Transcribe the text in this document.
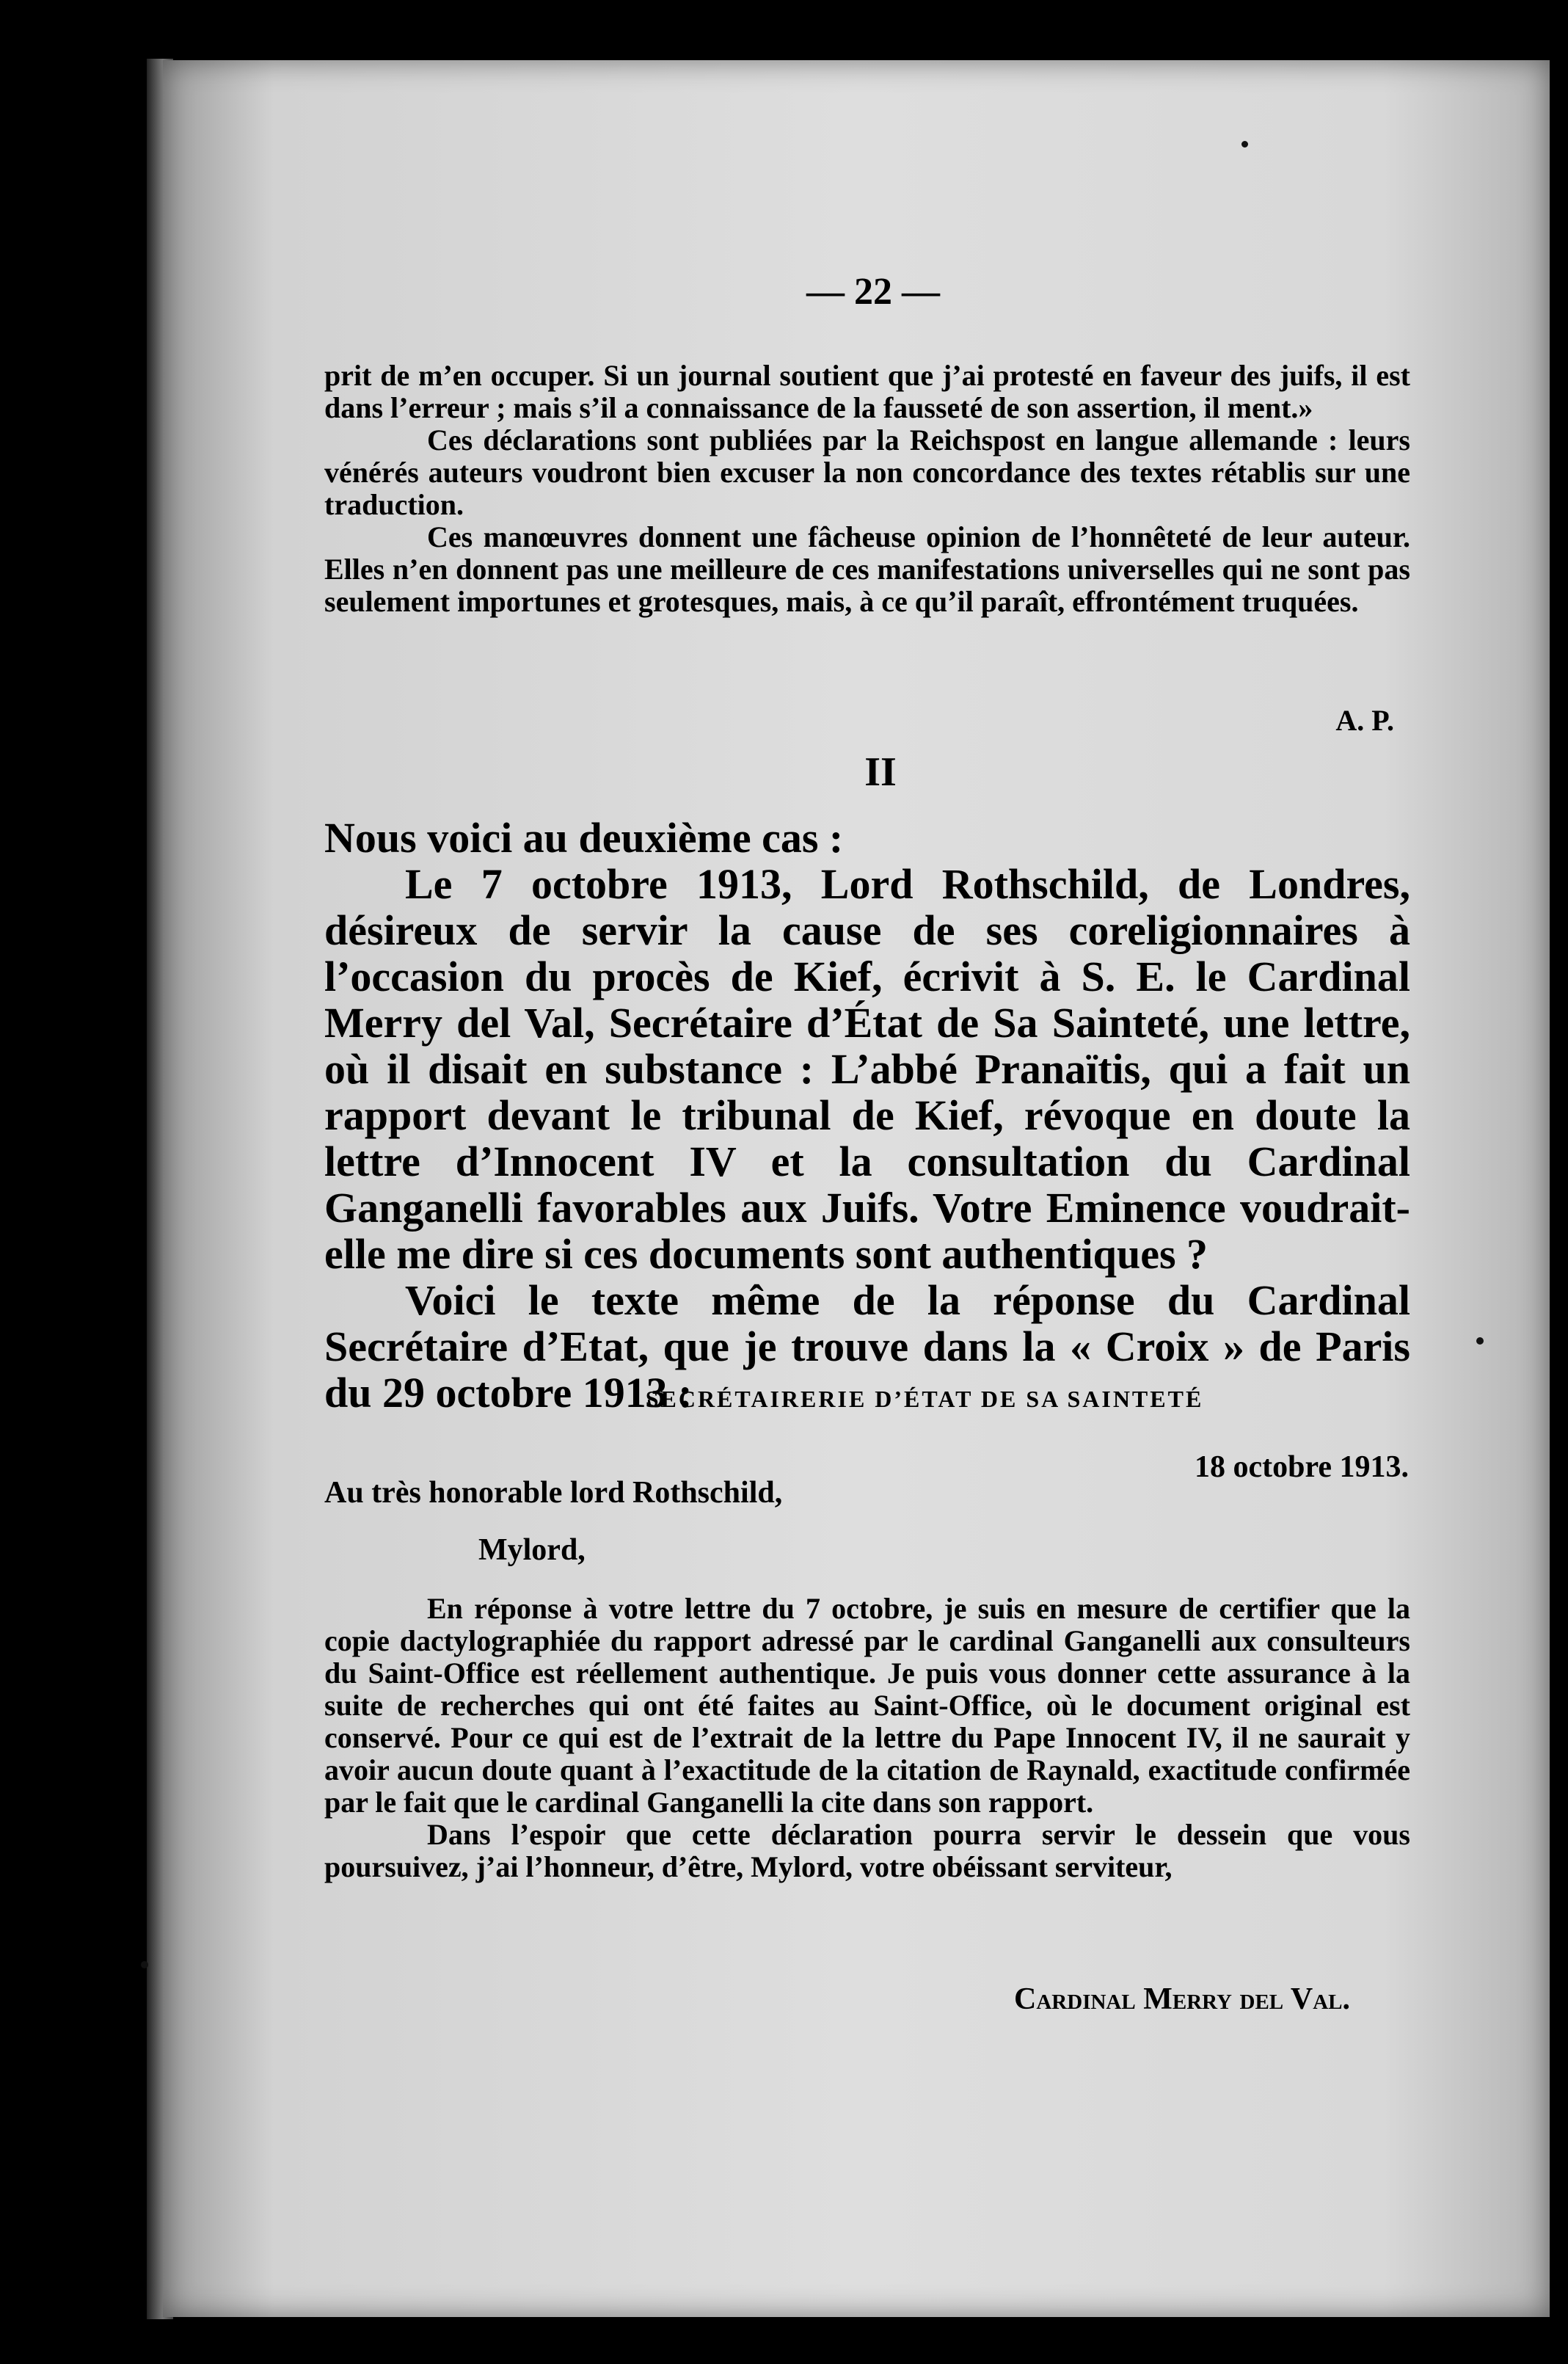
— 22 —

prit de m’en occuper. Si un journal soutient que j’ai protesté en faveur des juifs, il est dans l’erreur ; mais s’il a connaissance de la fausseté de son assertion, il ment.»

Ces déclarations sont publiées par la Reichspost en langue allemande : leurs vénérés auteurs voudront bien excuser la non concordance des textes rétablis sur une traduction.

Ces manœuvres donnent une fâcheuse opinion de l’honnêteté de leur auteur. Elles n’en donnent pas une meilleure de ces manifestations universelles qui ne sont pas seulement importunes et grotesques, mais, à ce qu’il paraît, effrontément truquées.

A. P.
II

Nous voici au deuxième cas :

Le 7 octobre 1913, Lord Rothschild, de Londres, désireux de servir la cause de ses coreligionnaires à l’occasion du procès de Kief, écrivit à S. E. le Cardinal Merry del Val, Secrétaire d’État de Sa Sainteté, une lettre, où il disait en substance : L’abbé Pranaïtis, qui a fait un rapport devant le tribunal de Kief, révoque en doute la lettre d’Innocent IV et la consultation du Cardinal Ganganelli favorables aux Juifs. Votre Eminence voudrait-elle me dire si ces documents sont authentiques ?

Voici le texte même de la réponse du Cardinal Secrétaire d’Etat, que je trouve dans la « Croix » de Paris du 29 octobre 1913 :

SECRÉTAIRERIE D’ÉTAT DE SA SAINTETÉ
18 octobre 1913.
Au très honorable lord Rothschild,
Mylord,

En réponse à votre lettre du 7 octobre, je suis en mesure de certifier que la copie dactylographiée du rapport adressé par le cardinal Ganganelli aux consulteurs du Saint-Office est réellement authentique. Je puis vous donner cette assurance à la suite de recherches qui ont été faites au Saint-Office, où le document original est conservé. Pour ce qui est de l’extrait de la lettre du Pape Innocent IV, il ne saurait y avoir aucun doute quant à l’exactitude de la citation de Raynald, exactitude confirmée par le fait que le cardinal Ganganelli la cite dans son rapport.

Dans l’espoir que cette déclaration pourra servir le dessein que vous poursuivez, j’ai l’honneur, d’être, Mylord, votre obéissant serviteur,

Cardinal Merry del Val.
